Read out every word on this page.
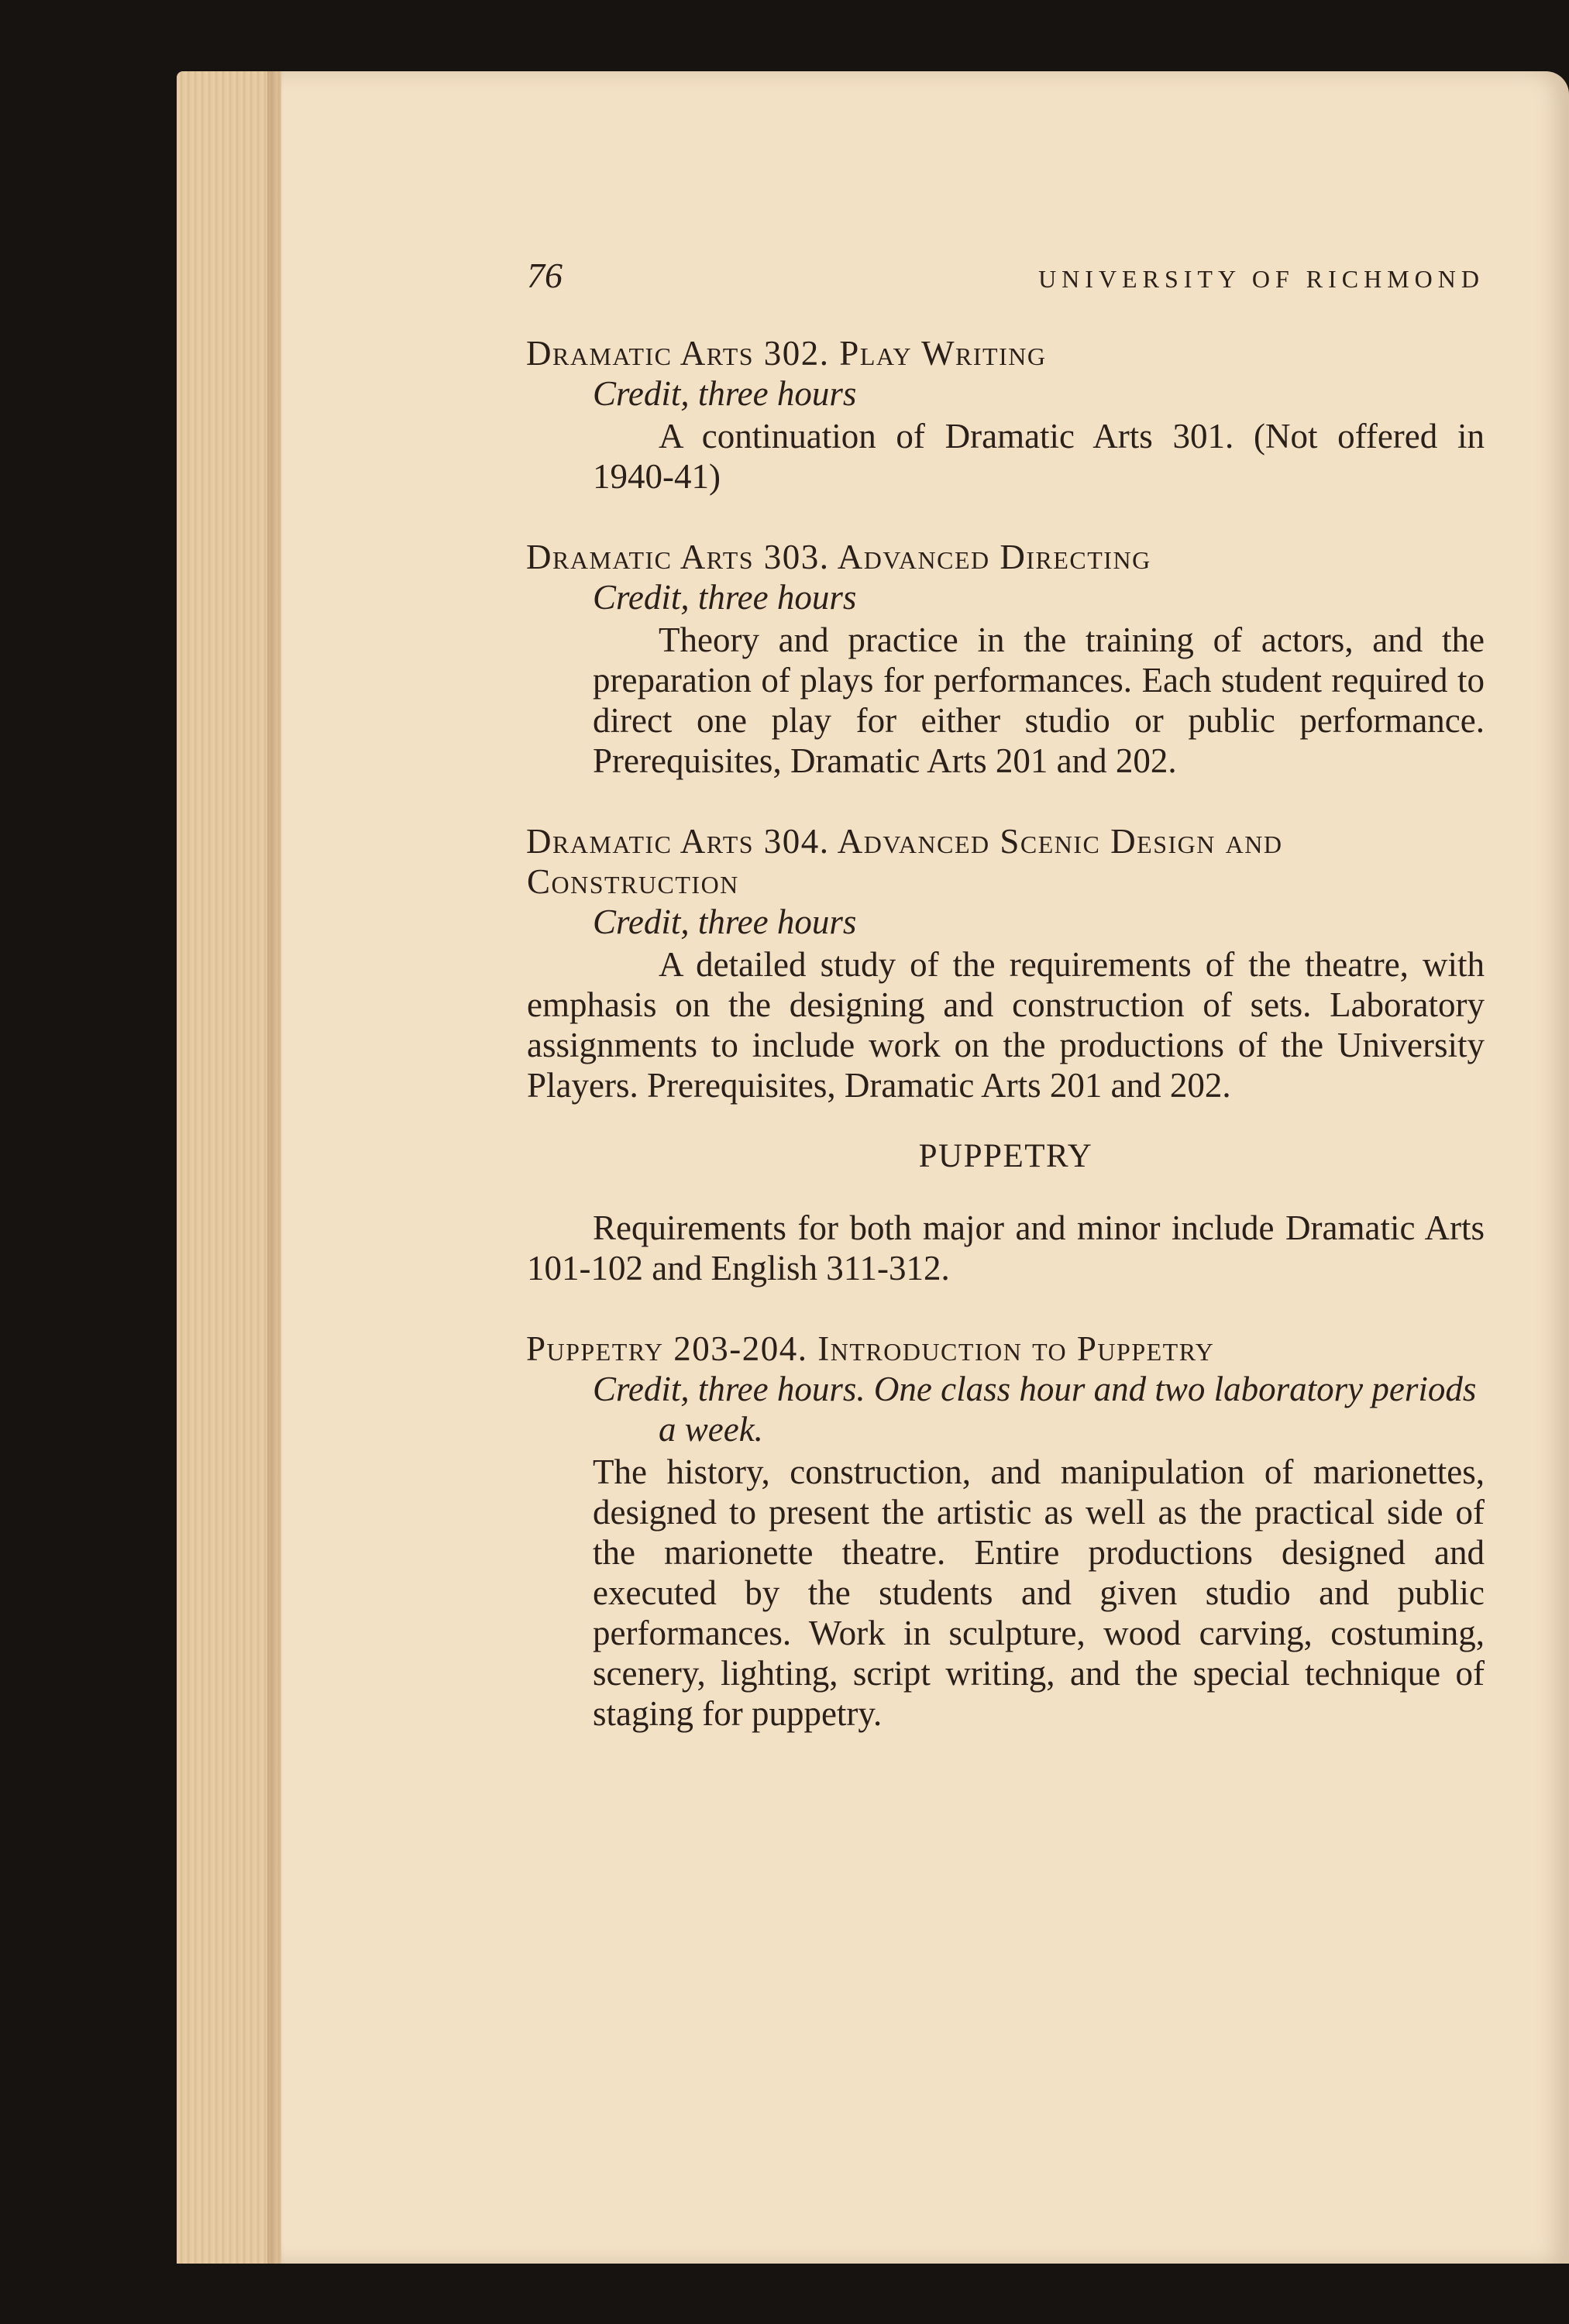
76	UNIVERSITY OF RICHMOND
Dramatic Arts 302. Play Writing
Credit, three hours
A continuation of Dramatic Arts 301. (Not offered in 1940-41)
Dramatic Arts 303. Advanced Directing
Credit, three hours
Theory and practice in the training of actors, and the preparation of plays for performances. Each student required to direct one play for either studio or public performance. Prerequisites, Dramatic Arts 201 and 202.
Dramatic Arts 304. Advanced Scenic Design and Construction
Credit, three hours
A detailed study of the requirements of the theatre, with emphasis on the designing and construction of sets. Laboratory assignments to include work on the productions of the University Players. Prerequisites, Dramatic Arts 201 and 202.
PUPPETRY
Requirements for both major and minor include Dramatic Arts 101-102 and English 311-312.
Puppetry 203-204. Introduction to Puppetry
Credit, three hours. One class hour and two laboratory periods
a week.
The history, construction, and manipulation of marionettes, designed to present the artistic as well as the practical side of the marionette theatre. Entire productions designed and executed by the students and given studio and public performances. Work in sculpture, wood carving, costuming, scenery, lighting, script writing, and the special technique of staging for puppetry.
